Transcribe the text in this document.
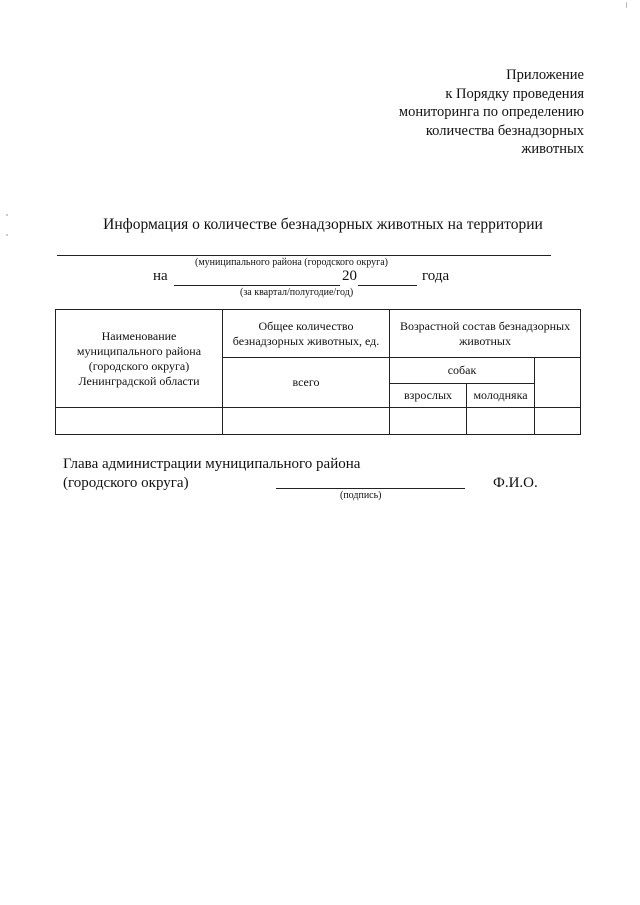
Приложение
к Порядку проведения
мониторинга по определению
количества безнадзорных
животных
Информация о количестве безнадзорных животных на территории
(муниципального района (городского округа)
на	20	года
(за квартал/полугодие/год)
Наименование муниципального района (городского округа) Ленинградской области	Общее количество безнадзорных животных, ед.	Возрастной состав безнадзорных животных		

	всего	собак		
		взрослых	молодняка	

Глава администрации муниципального района
(городского округа)
(подпись)
Ф.И.О.
